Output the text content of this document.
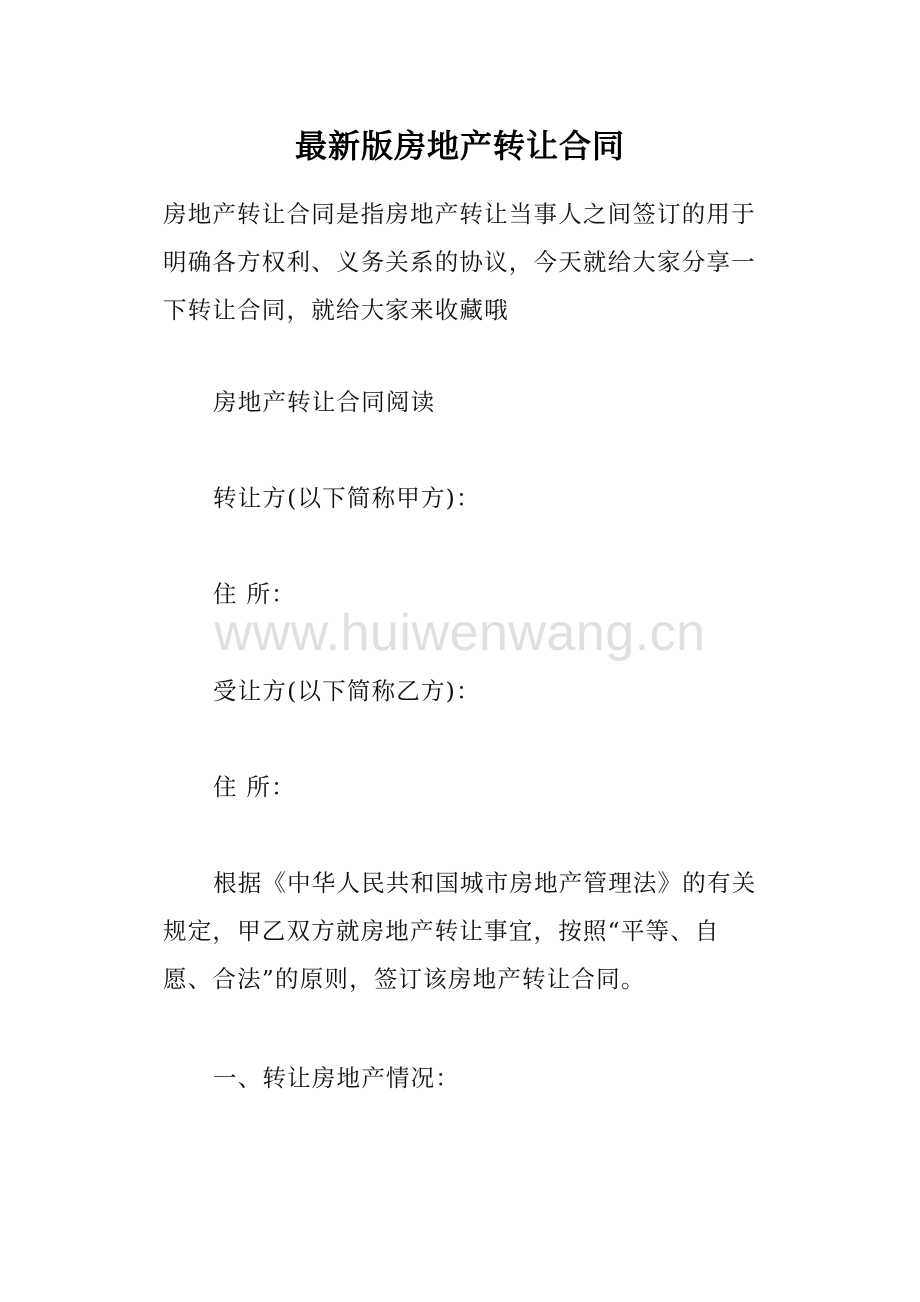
最新版房地产转让合同
房地产转让合同是指房地产转让当事人之间签订的用于明确各方权利、义务关系的协议，今天就给大家分享一下转让合同，就给大家来收藏哦
房地产转让合同阅读
转让方(以下简称甲方)：
住 所：
受让方(以下简称乙方)：
住 所：
根据《中华人民共和国城市房地产管理法》的有关规定，甲乙双方就房地产转让事宜，按照“平等、自愿、合法”的原则，签订该房地产转让合同。
一、转让房地产情况：
www.huiwenwang.cn
